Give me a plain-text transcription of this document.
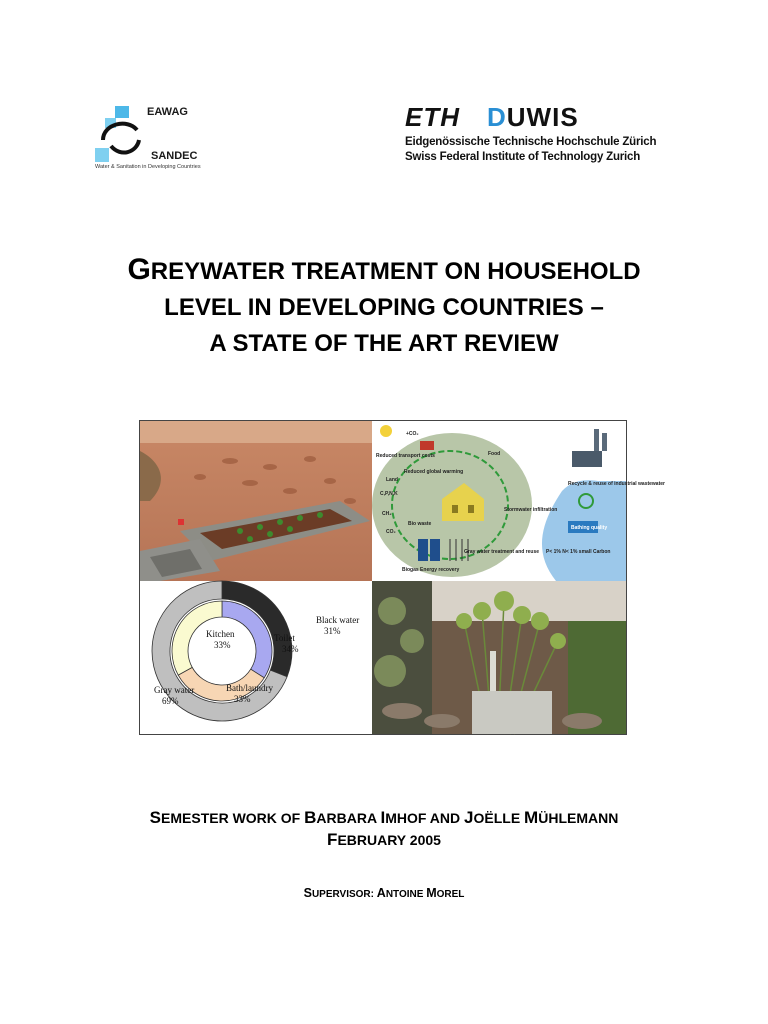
EAWAG
SANDEC
Water & Sanitation in Developing Countries
ETH DUWIS
Eidgenössische Technische Hochschule Zürich
Swiss Federal Institute of Technology Zurich
GREYWATER TREATMENT ON HOUSEHOLD
LEVEL IN DEVELOPING COUNTRIES –
A STATE OF THE ART REVIEW
+CO₂
Food
Reduced transport costs
Reduced global warming
Land
C,P,N,K
CH₄
CO₂
Bio waste
Stormwater infiltration
Gray water treatment and reuse
Biogas Energy recovery
Recycle & reuse of industrial wastewater
Bathing quality
P< 1% N< 1% small Carbon
Black water
31%
Gray water
69%
Toilet
34%
Bath/laundry
33%
Kitchen
33%
SEMESTER WORK OF BARBARA IMHOF AND JOËLLE MÜHLEMANN
FEBRUARY 2005
SUPERVISOR: ANTOINE MOREL
